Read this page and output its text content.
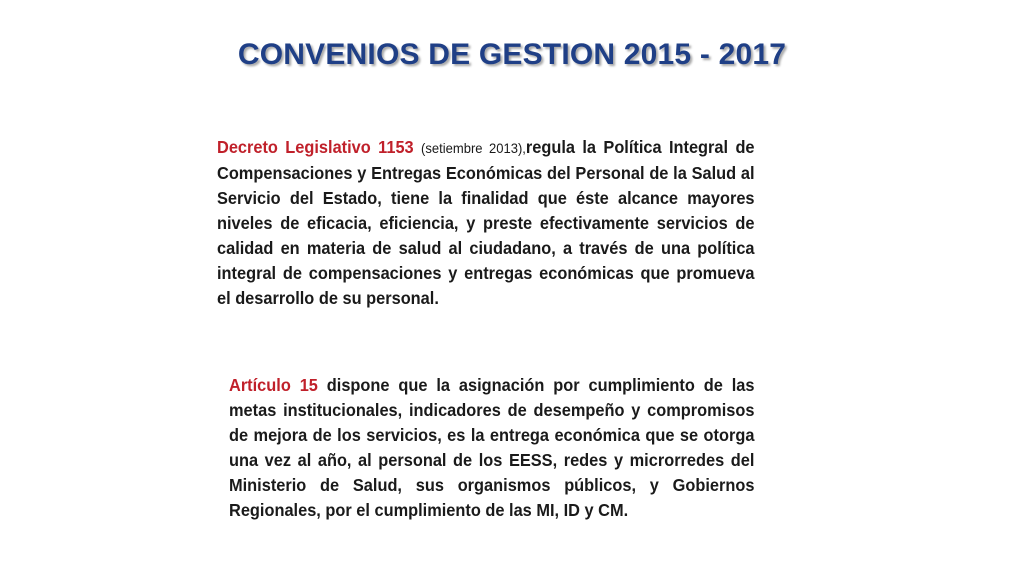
CONVENIOS DE GESTION 2015 - 2017

Decreto Legislativo 1153 (setiembre 2013),regula la Política Integral de Compensaciones y Entregas Económicas del Personal de la Salud al Servicio del Estado, tiene la finalidad que éste alcance mayores niveles de eficacia, eficiencia, y preste efectivamente servicios de calidad en materia de salud al ciudadano, a través de una política integral de compensaciones y entregas económicas que promueva el desarrollo de su personal.

Artículo 15 dispone que la asignación por cumplimiento de las metas institucionales, indicadores de desempeño y compromisos de mejora de los servicios, es la entrega económica que se otorga una vez al año, al personal de los EESS, redes y microrredes del Ministerio de Salud, sus organismos públicos, y Gobiernos Regionales, por el cumplimiento de las MI, ID y CM.
